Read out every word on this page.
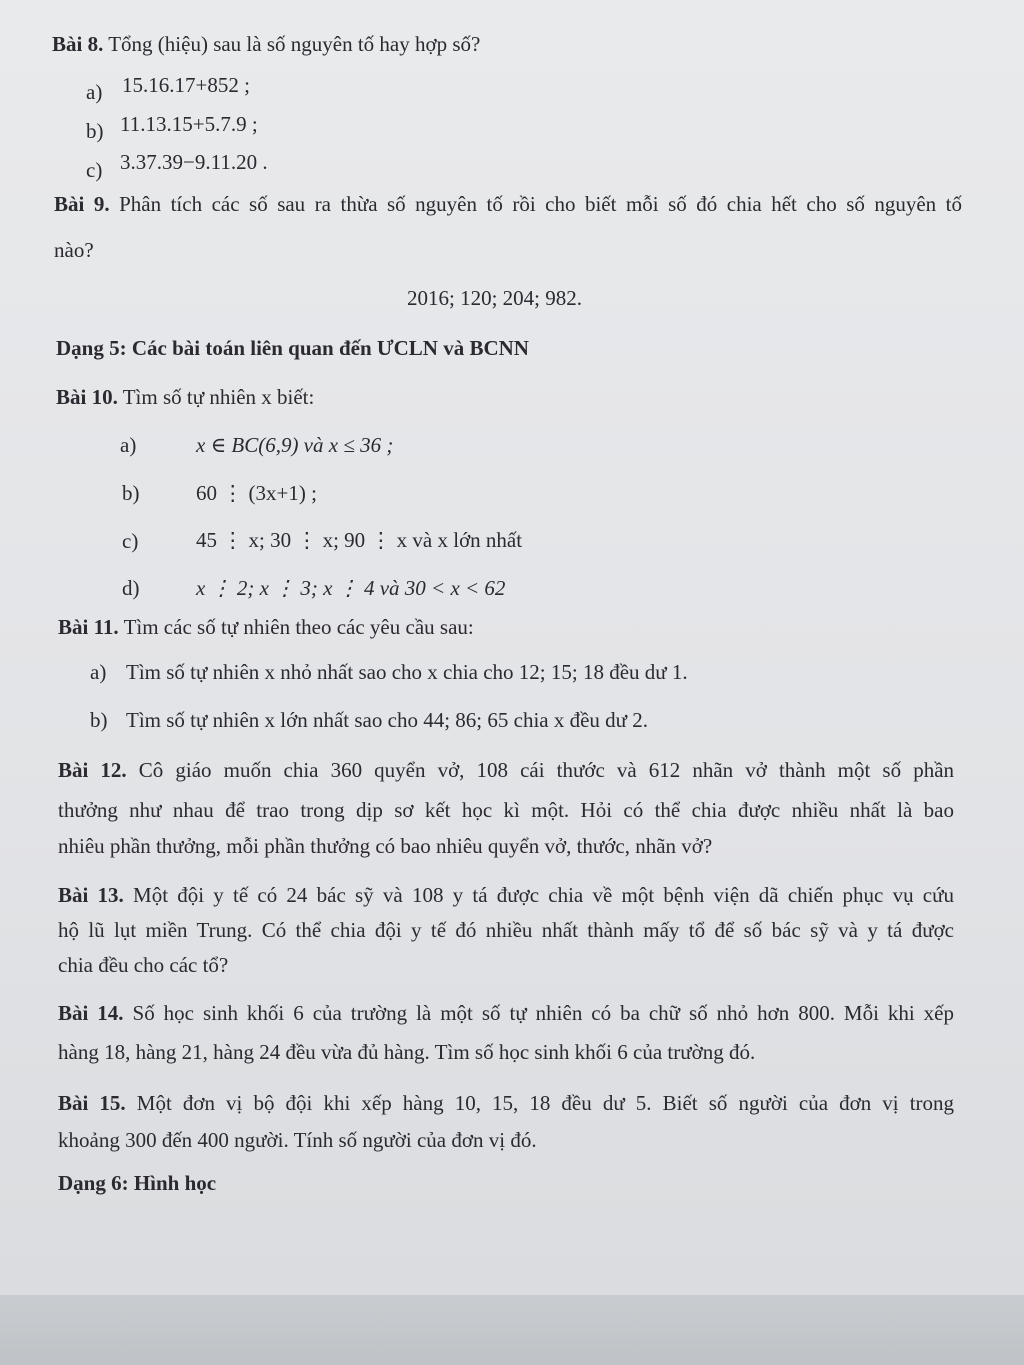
Bài 8. Tổng (hiệu) sau là số nguyên tố hay hợp số?
a) 15.16.17+852 ;
b) 11.13.15+5.7.9 ;
c) 3.37.39−9.11.20 .
Bài 9. Phân tích các số sau ra thừa số nguyên tố rồi cho biết mỗi số đó chia hết cho số nguyên tố
nào?
2016; 120; 204; 982.
Dạng 5: Các bài toán liên quan đến ƯCLN và BCNN
Bài 10. Tìm số tự nhiên x biết:
a)	x ∈ BC(6,9) và x ≤ 36 ;
b)	60 ⋮ (3x+1) ;
c)	45 ⋮ x; 30 ⋮ x; 90 ⋮ x và x lớn nhất
d)	x ⋮ 2; x ⋮ 3; x ⋮ 4 và 30 < x < 62
Bài 11. Tìm các số tự nhiên theo các yêu cầu sau:
a) Tìm số tự nhiên x nhỏ nhất sao cho x chia cho 12; 15; 18 đều dư 1.
b) Tìm số tự nhiên x lớn nhất sao cho 44; 86; 65 chia x đều dư 2.
Bài 12. Cô giáo muốn chia 360 quyển vở, 108 cái thước và 612 nhãn vở thành một số phần
thưởng như nhau để trao trong dịp sơ kết học kì một. Hỏi có thể chia được nhiều nhất là bao
nhiêu phần thưởng, mỗi phần thưởng có bao nhiêu quyển vở, thước, nhãn vở?
Bài 13. Một đội y tế có 24 bác sỹ và 108 y tá được chia về một bệnh viện dã chiến phục vụ cứu
hộ lũ lụt miền Trung. Có thể chia đội y tế đó nhiều nhất thành mấy tổ để số bác sỹ và y tá được
chia đều cho các tổ?
Bài 14. Số học sinh khối 6 của trường là một số tự nhiên có ba chữ số nhỏ hơn 800. Mỗi khi xếp
hàng 18, hàng 21, hàng 24 đều vừa đủ hàng. Tìm số học sinh khối 6 của trường đó.
Bài 15. Một đơn vị bộ đội khi xếp hàng 10, 15, 18 đều dư 5. Biết số người của đơn vị trong
khoảng 300 đến 400 người. Tính số người của đơn vị đó.
Dạng 6: Hình học
